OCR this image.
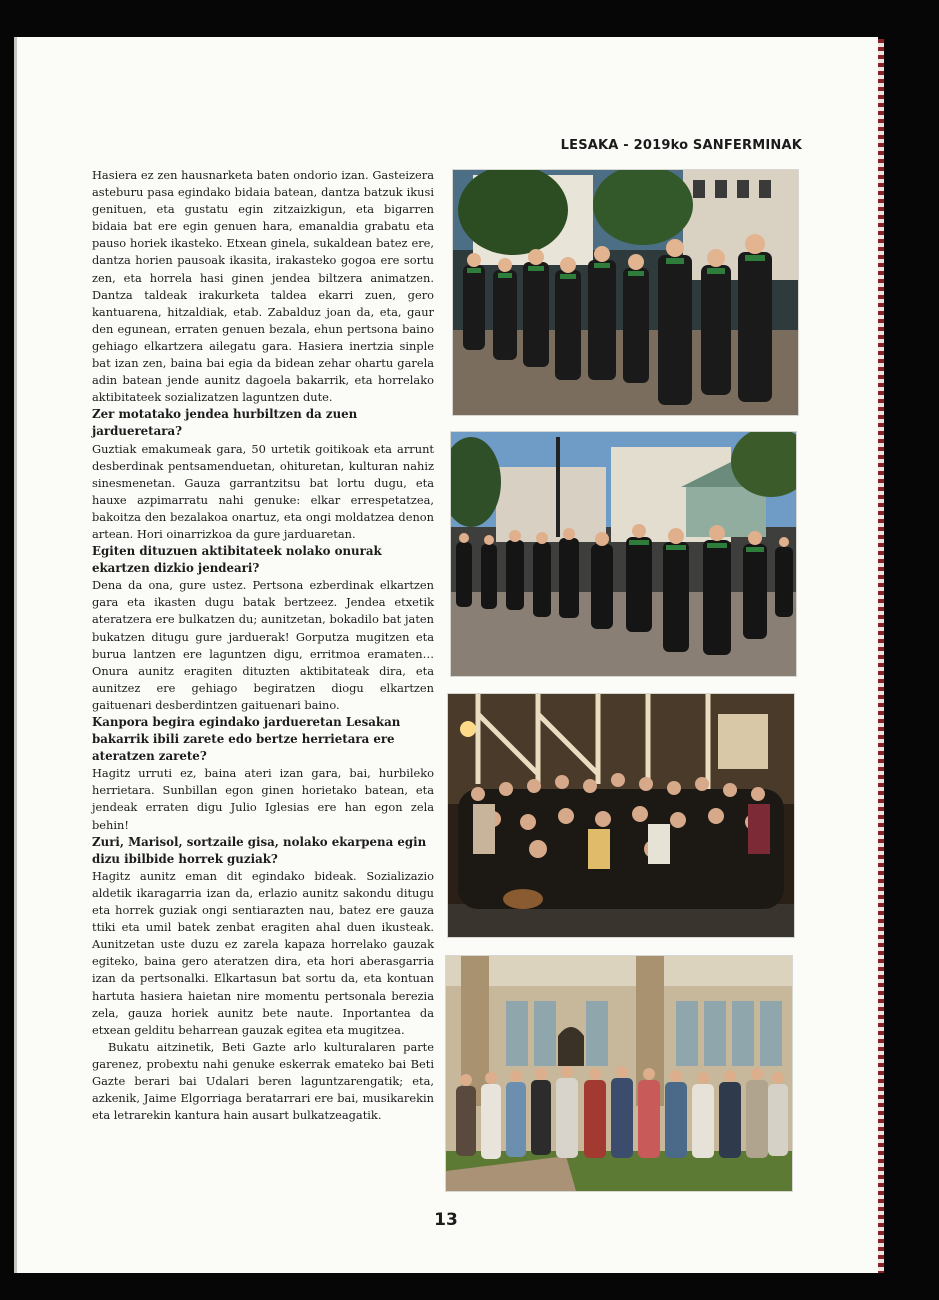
LESAKA - 2019ko SANFERMINAK

Hasiera ez zen hausnarketa baten ondorio izan. Gasteizera asteburu pasa egindako bidaia batean, dantza batzuk ikusi genituen, eta gustatu egin zitzaizkigun, eta bigarren bidaia bat ere egin genuen hara, emanaldia grabatu eta pauso horiek ikasteko. Etxean ginela, sukaldean batez ere, dantza horien pausoak ikasita, irakasteko gogoa ere sortu zen, eta horrela hasi ginen jendea biltzera animatzen. Dantza taldeak irakurketa taldea ekarri zuen, gero kantuarena, hitzaldiak, etab. Zabalduz joan da, eta, gaur den egunean, erraten genuen bezala, ehun pertsona baino gehiago elkartzera ailegatu gara. Hasiera inertzia sinple bat izan zen, baina bai egia da bidean zehar ohartu garela adin batean jende aunitz dagoela bakarrik, eta horrelako aktibitateek sozializatzen laguntzen dute.

Zer motatako jendea hurbiltzen da zuen jardueretara?

Guztiak emakumeak gara, 50 urtetik goitikoak eta arrunt desberdinak pentsamenduetan, ohituretan, kulturan nahiz sinesmenetan. Gauza garrantzitsu bat lortu dugu, eta hauxe azpimarratu nahi genuke: elkar errespetatzea, bakoitza den bezalakoa onartuz, eta ongi moldatzea denon artean. Hori oinarrizkoa da gure jarduaretan.

Egiten dituzuen aktibitateek nolako onurak ekartzen dizkio jendeari?

Dena da ona, gure ustez. Pertsona ezberdinak elkartzen gara eta ikasten dugu batak bertzeez. Jendea etxetik ateratzera ere bulkatzen du; aunitzetan, bokadilo bat jaten bukatzen ditugu gure jarduerak! Gorputza mugitzen eta burua lantzen ere laguntzen digu, erritmoa eramaten… Onura aunitz eragiten dituzten aktibitateak dira, eta aunitzez ere gehiago begiratzen diogu elkartzen gaituenari desberdintzen gaituenari baino.

Kanpora begira egindako jardueretan Lesakan bakarrik ibili zarete edo bertze herrietara ere ateratzen zarete?

Hagitz urruti ez, baina ateri izan gara, bai, hurbileko herrietara. Sunbillan egon ginen horietako batean, eta jendeak erraten digu Julio Iglesias ere han egon zela behin!

Zuri, Marisol, sortzaile gisa, nolako ekarpena egin dizu ibilbide horrek guziak?

Hagitz aunitz eman dit egindako bideak. Sozializazio aldetik ikaragarria izan da, erlazio aunitz sakondu ditugu eta horrek guziak ongi sentiarazten nau, batez ere gauza ttiki eta umil batek zenbat eragiten ahal duen ikusteak. Aunitzetan uste duzu ez zarela kapaza horrelako gauzak egiteko, baina gero ateratzen dira, eta hori aberasgarria izan da pertsonalki. Elkartasun bat sortu da, eta kontuan hartuta hasiera haietan nire momentu pertsonala berezia zela, gauza horiek aunitz bete naute. Inportantea da etxean gelditu beharrean gauzak egitea eta mugitzea.

Bukatu aitzinetik, Beti Gazte arlo kulturalaren parte garenez, probextu nahi genuke eskerrak emateko bai Beti Gazte berari bai Udalari beren laguntzarengatik; eta, azkenik, Jaime Elgorriaga beratarrari ere bai, musikarekin eta letrarekin kantura hain ausart bulkatzeagatik.

13
